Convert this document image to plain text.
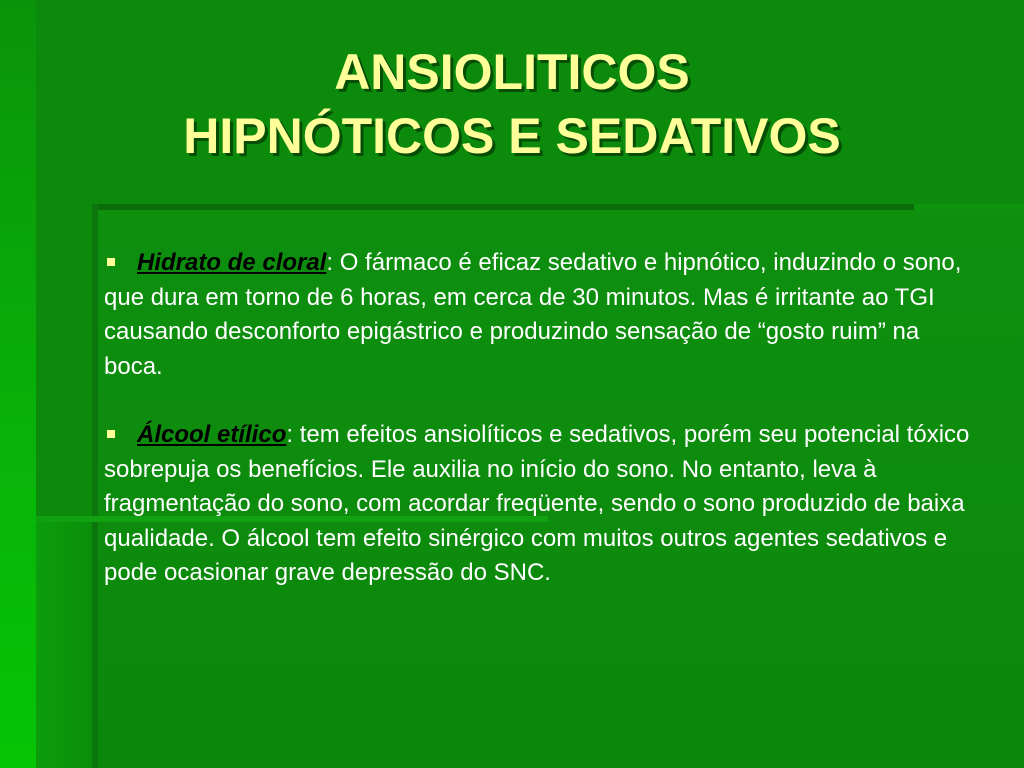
ANSIOLITICOS
HIPNÓTICOS E SEDATIVOS

Hidrato de cloral: O fármaco é eficaz sedativo e hipnótico, induzindo o sono, que dura em torno de 6 horas, em cerca de 30 minutos. Mas é irritante ao TGI causando desconforto epigástrico e produzindo sensação de “gosto ruim” na boca.

Álcool etílico: tem efeitos ansiolíticos e sedativos, porém seu potencial tóxico sobrepuja os benefícios. Ele auxilia no início do sono. No entanto, leva à fragmentação do sono, com acordar freqüente, sendo o sono produzido de baixa qualidade. O álcool tem efeito sinérgico com muitos outros agentes sedativos e pode ocasionar grave depressão do SNC.
